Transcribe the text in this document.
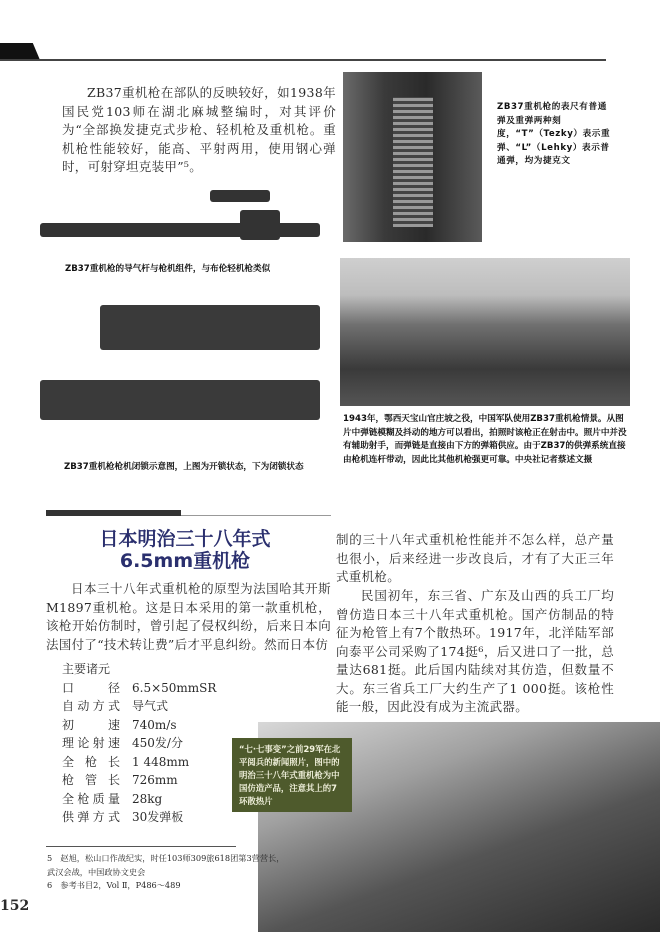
ZB37重机枪在部队的反映较好，如1938年国民党103师在湖北麻城整编时，对其评价为“全部换发捷克式步枪、轻机枪及重机枪。重机枪性能较好，能高、平射两用，使用钢心弹时，可射穿坦克装甲”⁵。

ZB37重机枪的表尺有普通弹及重弹两种刻度，“T”（Tezky）表示重弹、“L”（Lehky）表示普通弹，均为捷克文

ZB37重机枪的导气杆与枪机组件，与布伦轻机枪类似

1943年，鄂西天宝山官庄坡之役，中国军队使用ZB37重机枪情景。从图片中弹链模糊及抖动的地方可以看出，拍照时该枪正在射击中。照片中并没有辅助射手，而弹链是直接由下方的弹箱供应。由于ZB37的供弹系统直接由枪机连杆带动，因此比其他机枪强更可靠。中央社记者蔡述文摄

ZB37重机枪枪机闭锁示意图，上图为开锁状态，下为闭锁状态

日本明治三十八年式
6.5mm重机枪

日本三十八年式重机枪的原型为法国哈其开斯M1897重机枪。这是日本采用的第一款重机枪，该枪开始仿制时，曾引起了侵权纠纷，后来日本向法国付了“技术转让费”后才平息纠纷。然而日本仿

主要诸元
口径 6.5×50mmSR
自动方式 导气式
初速 740m/s
理论射速 450发/分
全枪长 1 448mm
枪管长 726mm
全枪质量 28kg
供弹方式 30发弹板

制的三十八年式重机枪性能并不怎么样，总产量也很小，后来经进一步改良后，才有了大正三年式重机枪。

民国初年，东三省、广东及山西的兵工厂均曾仿造日本三十八年式重机枪。国产仿制品的特征为枪管上有7个散热环。1917年，北洋陆军部向泰平公司采购了174挺⁶，后又进口了一批，总量达681挺。此后国内陆续对其仿造，但数量不大。东三省兵工厂大约生产了1 000挺。该枪性能一般，因此没有成为主流武器。

“七·七事变”之前29军在北平阅兵的新闻照片，图中的明治三十八年式重机枪为中国仿造产品，注意其上的7环散热片
5　赵旭，松山口作战纪实，时任103师309旅618团第3营营长，武汉会战，中国政协文史会
6　参考书目2，Vol Ⅱ，P486～489
152
